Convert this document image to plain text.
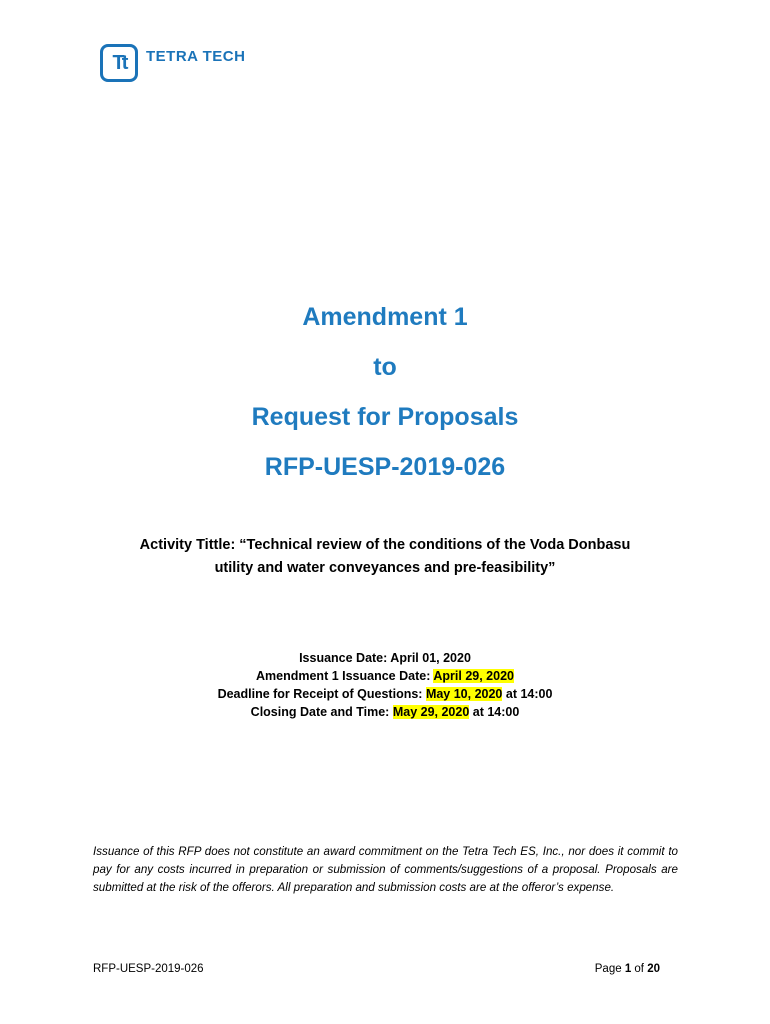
Tt	TETRA TECH
Amendment 1
to
Request for Proposals
RFP-UESP-2019-026
Activity Tittle: “Technical review of the conditions of the Voda Donbasu
utility and water conveyances and pre-feasibility”
Issuance Date: April 01, 2020
Amendment 1 Issuance Date: April 29, 2020
Deadline for Receipt of Questions: May 10, 2020 at 14:00
Closing Date and Time: May 29, 2020 at 14:00
Issuance of this RFP does not constitute an award commitment on the Tetra Tech ES, Inc., nor does it commit to pay for any costs incurred in preparation or submission of comments/suggestions of a proposal. Proposals are submitted at the risk of the offerors. All preparation and submission costs are at the offeror’s expense.
RFP-UESP-2019-026	Page 1 of 20
